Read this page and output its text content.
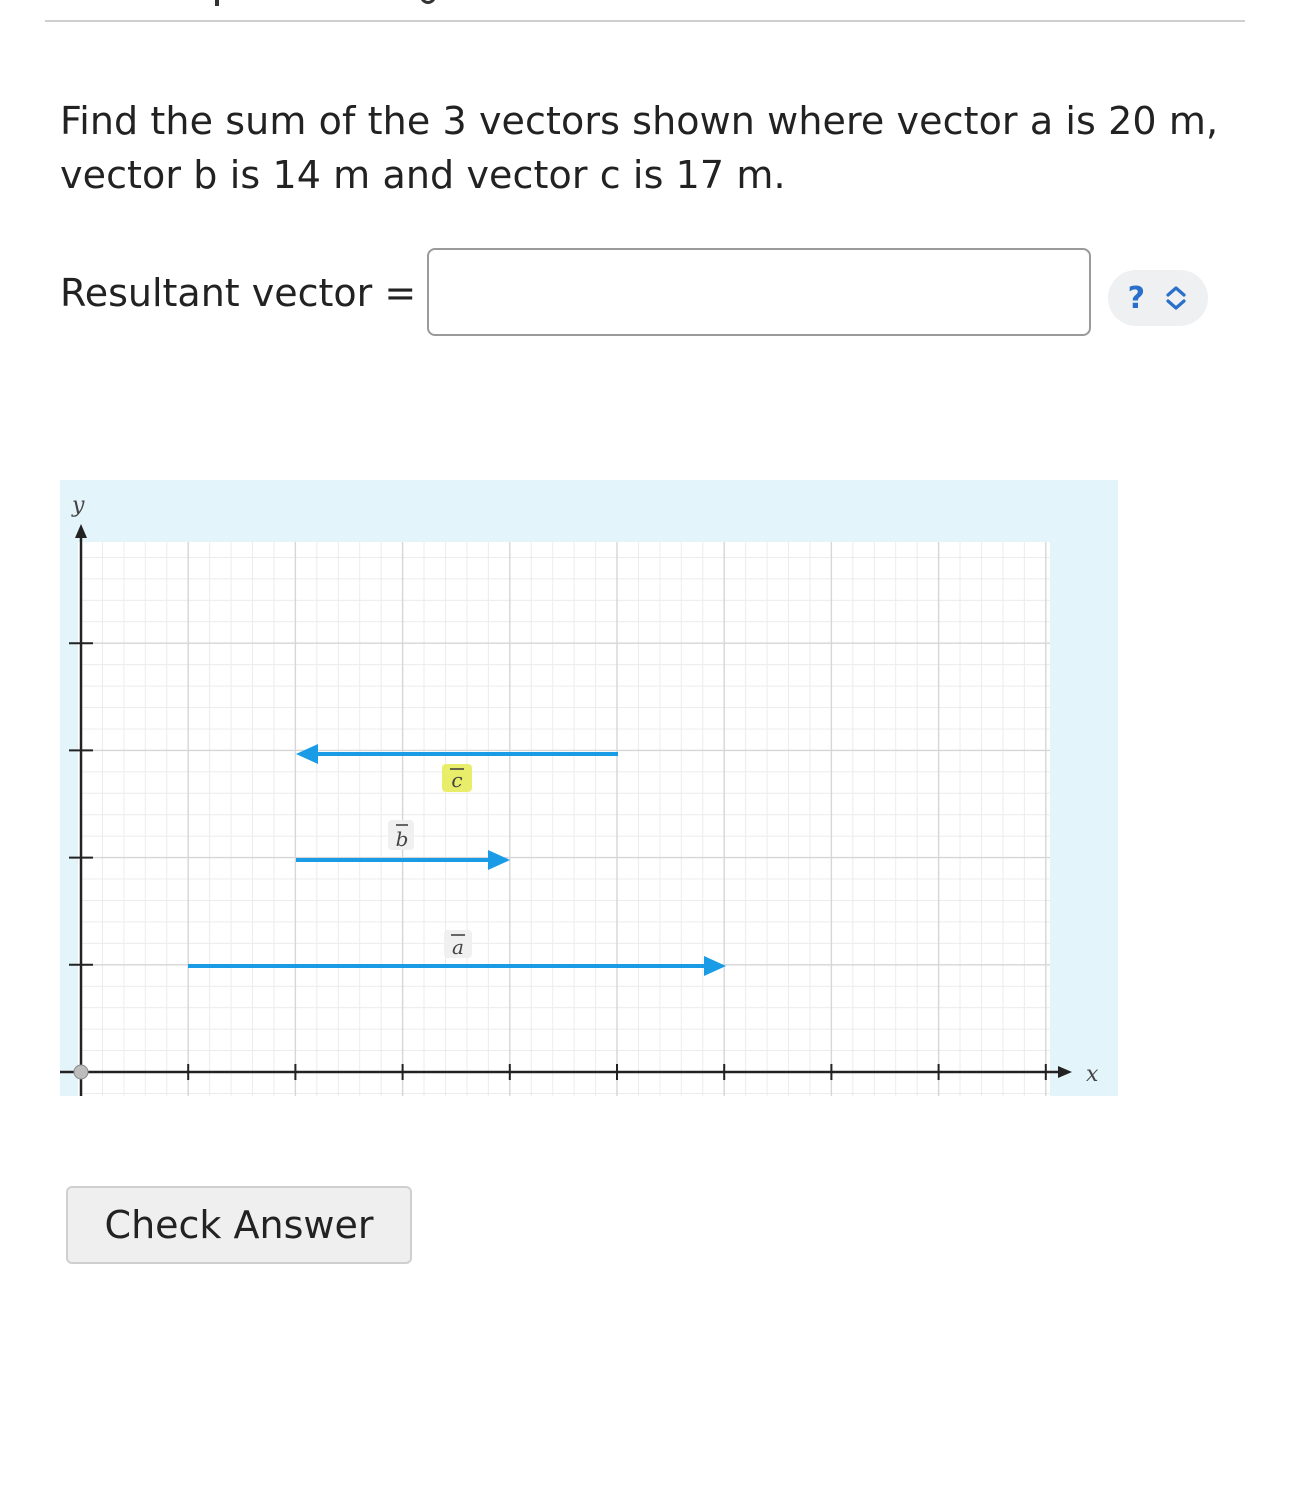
Find the sum of the 3 vectors shown where vector a is 20 m,
vector b is 14 m and vector c is 17 m.
Resultant vector =	?
y
x
c
b
a
Check Answer
